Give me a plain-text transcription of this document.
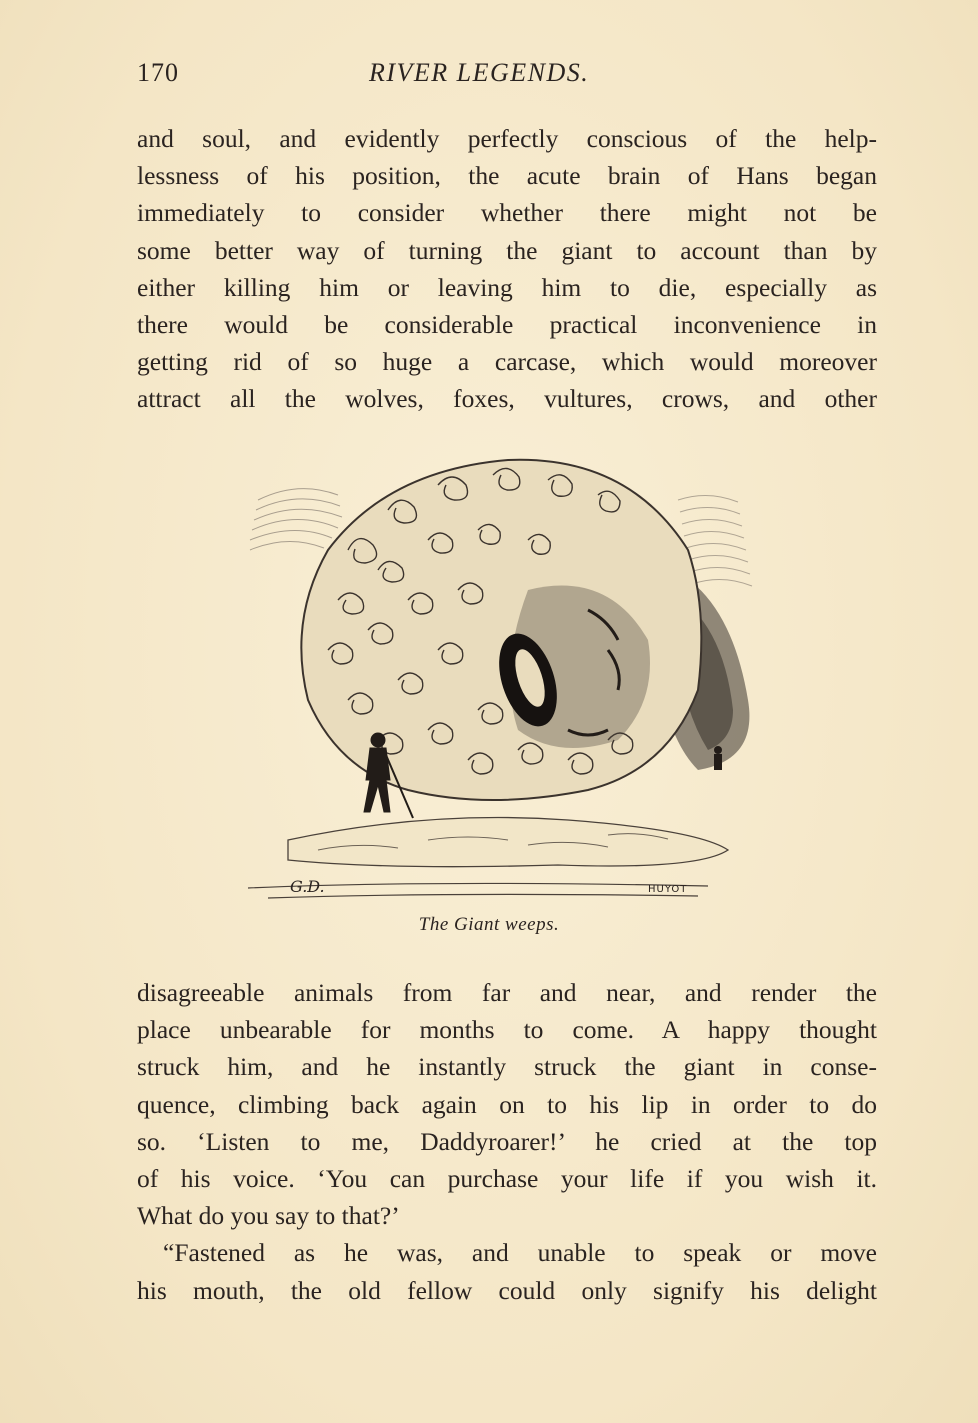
170	RIVER LEGENDS.
and soul, and evidently perfectly conscious of the help-
lessness of his position, the acute brain of Hans began
immediately to consider whether there might not be
some better way of turning the giant to account than by
either killing him or leaving him to die, especially as
there would be considerable practical inconvenience in
getting rid of so huge a carcase, which would moreover
attract all the wolves, foxes, vultures, crows, and other
G.D.	HUYOT
The Giant weeps.
disagreeable animals from far and near, and render the
place unbearable for months to come. A happy thought
struck him, and he instantly struck the giant in conse-
quence, climbing back again on to his lip in order to do
so. ‘Listen to me, Daddyroarer!’ he cried at the top
of his voice. ‘You can purchase your life if you wish it.
What do you say to that?’
“Fastened as he was, and unable to speak or move
his mouth, the old fellow could only signify his delight
